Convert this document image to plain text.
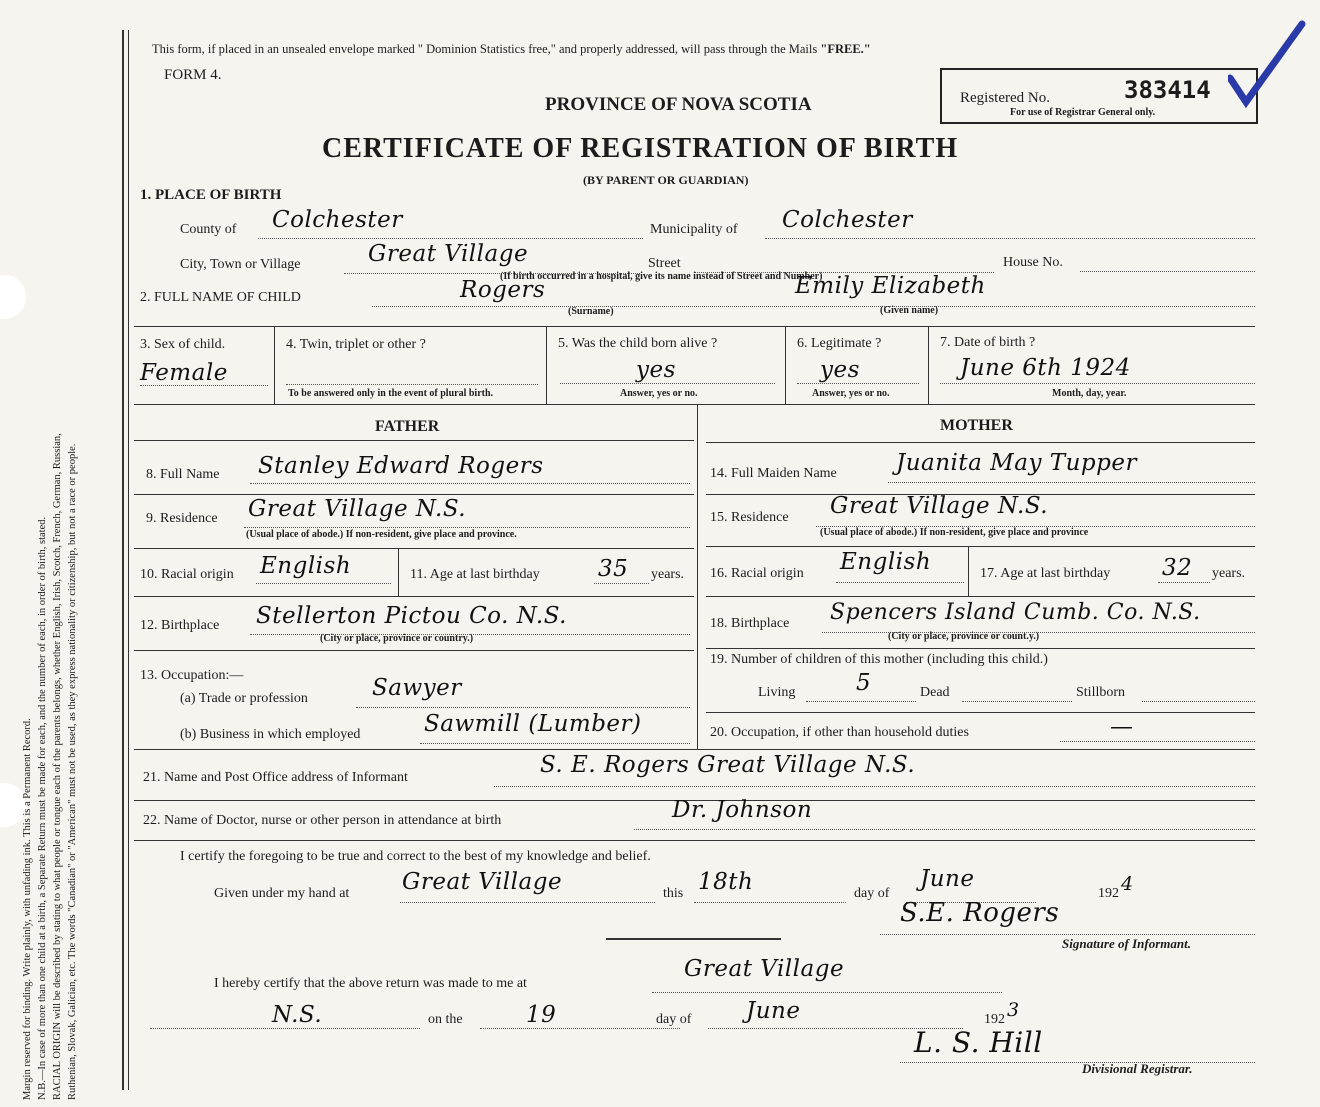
Margin reserved for binding. Write plainly, with unfading ink. This is a Permanent Record. N.B.—In case of more than one child at a birth, a Separate Return must be made for each, and the number of each, in order of birth, stated. RACIAL ORIGIN will be described by stating to what people or tongue each of the parents belongs, whether English, Irish, Scotch, French, German, Russian, Ruthenian, Slovak, Galician, etc. The words "Canadian" or "American" must not be used, as they express nationality or citizenship, but not a race or people.
This form, if placed in an unsealed envelope marked " Dominion Statistics free," and properly addressed, will pass through the Mails "FREE."
FORM 4.
PROVINCE OF NOVA SCOTIA
CERTIFICATE OF REGISTRATION OF BIRTH
(BY PARENT OR GUARDIAN)
Registered No.	383414
For use of Registrar General only.
1. PLACE OF BIRTH
County of Colchester	Municipality of Colchester
City, Town or Village	Great Village	Street	House No.
(If birth occurred in a hospital, give its name instead of Street and Number)
2. FULL NAME OF CHILD	Rogers
(Surname)
Emily Elizabeth
(Given name)
3. Sex of child.
Female
4. Twin, triplet or other ?
To be answered only in the event of plural birth.
5. Was the child born alive ?
yes
Answer, yes or no.
6. Legitimate ?
yes
Answer, yes or no.
7. Date of birth ?
June 6th 1924
Month, day, year.
FATHER	MOTHER
8. Full Name Stanley Edward Rogers
9. Residence Great Village N.S.
(Usual place of abode.) If non-resident, give place and province.
10. Racial origin English	11. Age at last birthday	35 years.
12. Birthplace Stellerton Pictou Co. N.S.
(City or place, province or country.)
13. Occupation:—
(a) Trade or profession	Sawyer
(b) Business in which employed	Sawmill (Lumber)
14. Full Maiden Name	Juanita May Tupper
15. Residence Great Village N.S.
(Usual place of abode.) If non-resident, give place and province
16. Racial origin English	17. Age at last birthday 32 years.
18. Birthplace Spencers Island Cumb. Co. N.S.
(City or place, province or count.y.)
19. Number of children of this mother (including this child.)
Living	5	Dead	Stillborn
20. Occupation, if other than household duties	—
21. Name and Post Office address of Informant	S. E. Rogers Great Village N.S.
22. Name of Doctor, nurse or other person in attendance at birth	Dr. Johnson
I certify the foregoing to be true and correct to the best of my knowledge and belief.
Given under my hand at Great Village	this 18th	day of
June
192 4
S.E. Rogers
Signature of Informant.
I hereby certify that the above return was made to me at
Great Village
N.S.	on the	19	day of June	192 3
L. S. Hill
Divisional Registrar.
